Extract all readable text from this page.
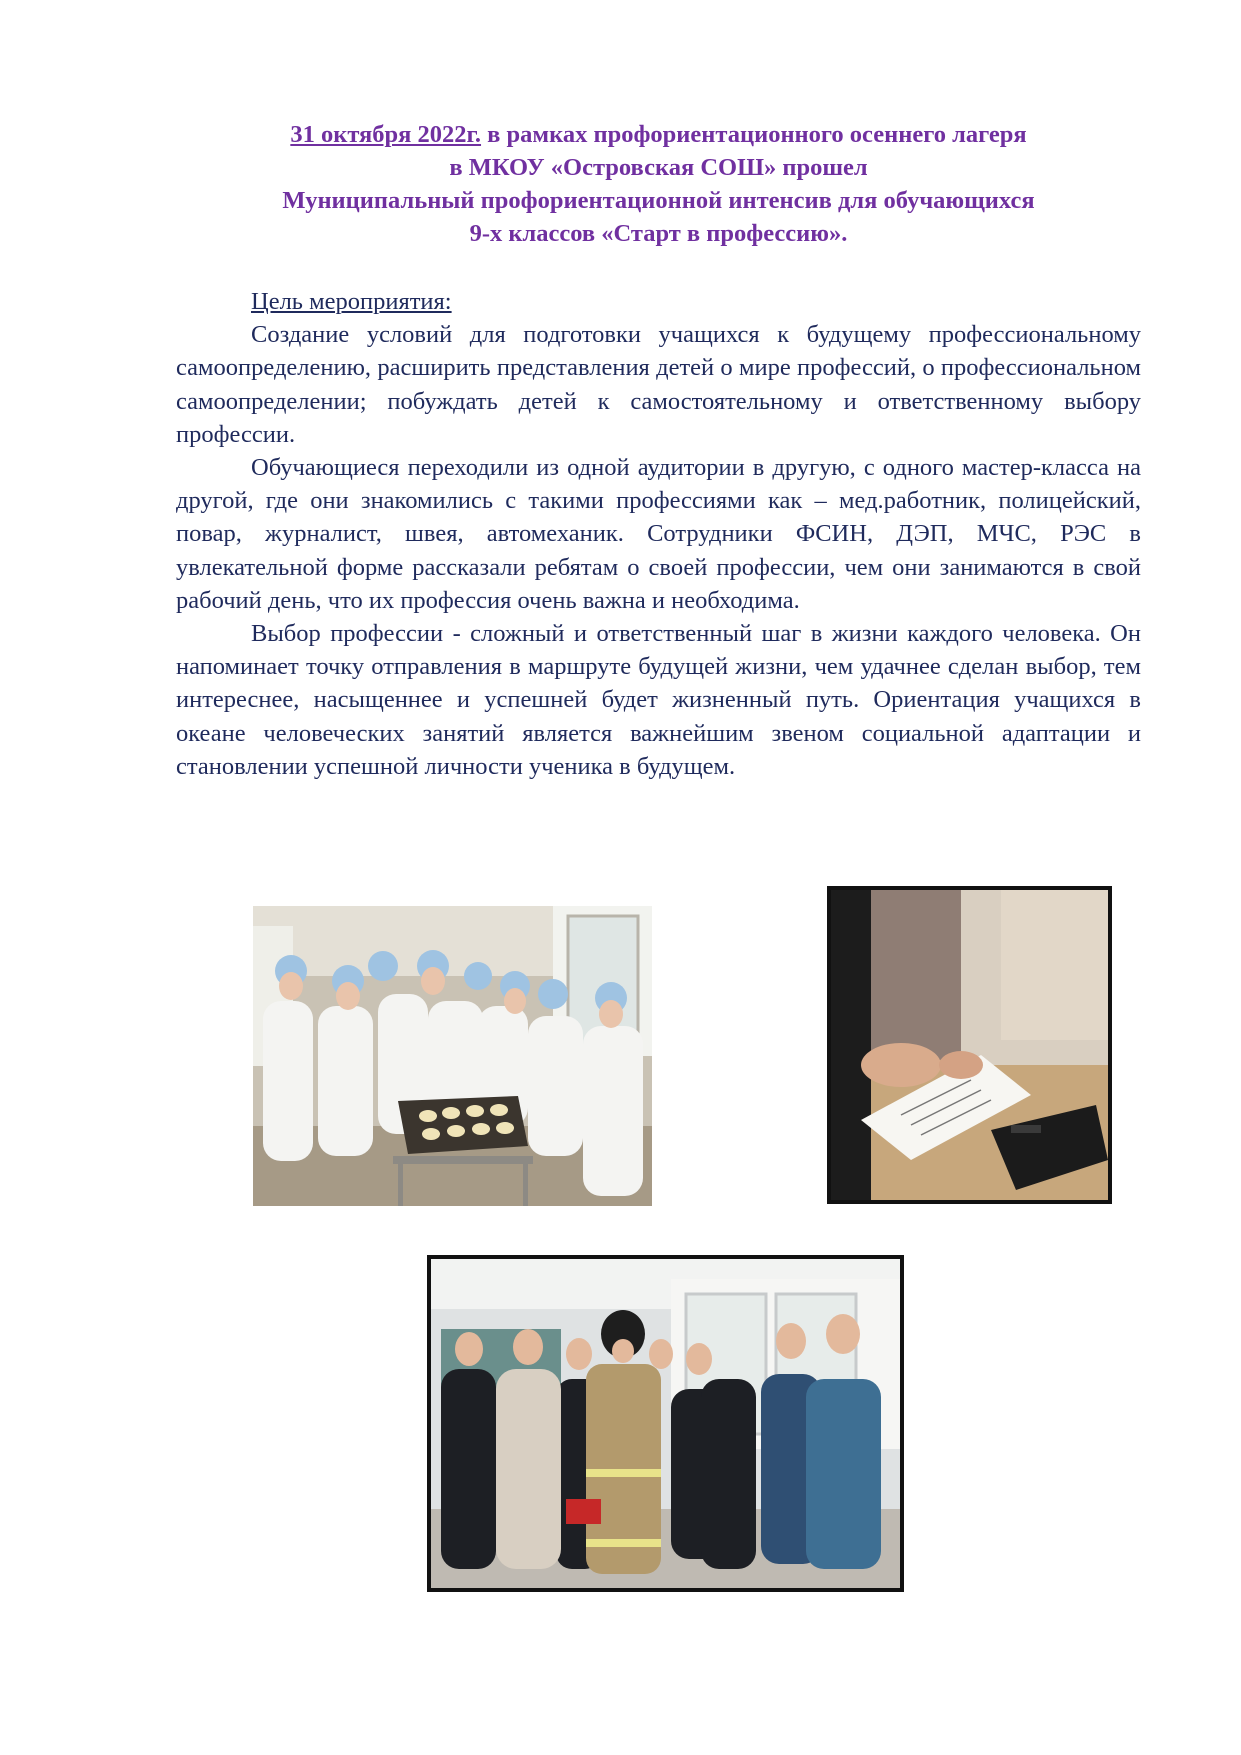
31 октября 2022г. в рамках профориентационного осеннего лагеря
в МКОУ «Островская СОШ» прошел
Муниципальный профориентационной интенсив для обучающихся
9-х классов «Старт в профессию».

Цель мероприятия:

Создание условий для подготовки учащихся к будущему профессиональному самоопределению, расширить представления детей о мире профессий, о профессиональном самоопределении; побуждать детей к самостоятельному и ответственному выбору профессии.

Обучающиеся переходили из одной аудитории в другую, с одного мастер-класса на другой, где они знакомились с такими профессиями как – мед.работник, полицейский, повар, журналист, швея, автомеханик. Сотрудники ФСИН, ДЭП, МЧС, РЭС в увлекательной форме рассказали ребятам о своей профессии, чем они занимаются в свой рабочий день, что их профессия очень важна и необходима.

Выбор профессии - сложный и ответственный шаг в жизни каждого человека. Он напоминает точку отправления в маршруте будущей жизни, чем удачнее сделан выбор, тем интереснее, насыщеннее и успешней будет жизненный путь. Ориентация учащихся в океане человеческих занятий является важнейшим звеном социальной адаптации и становлении успешной личности ученика в будущем.
